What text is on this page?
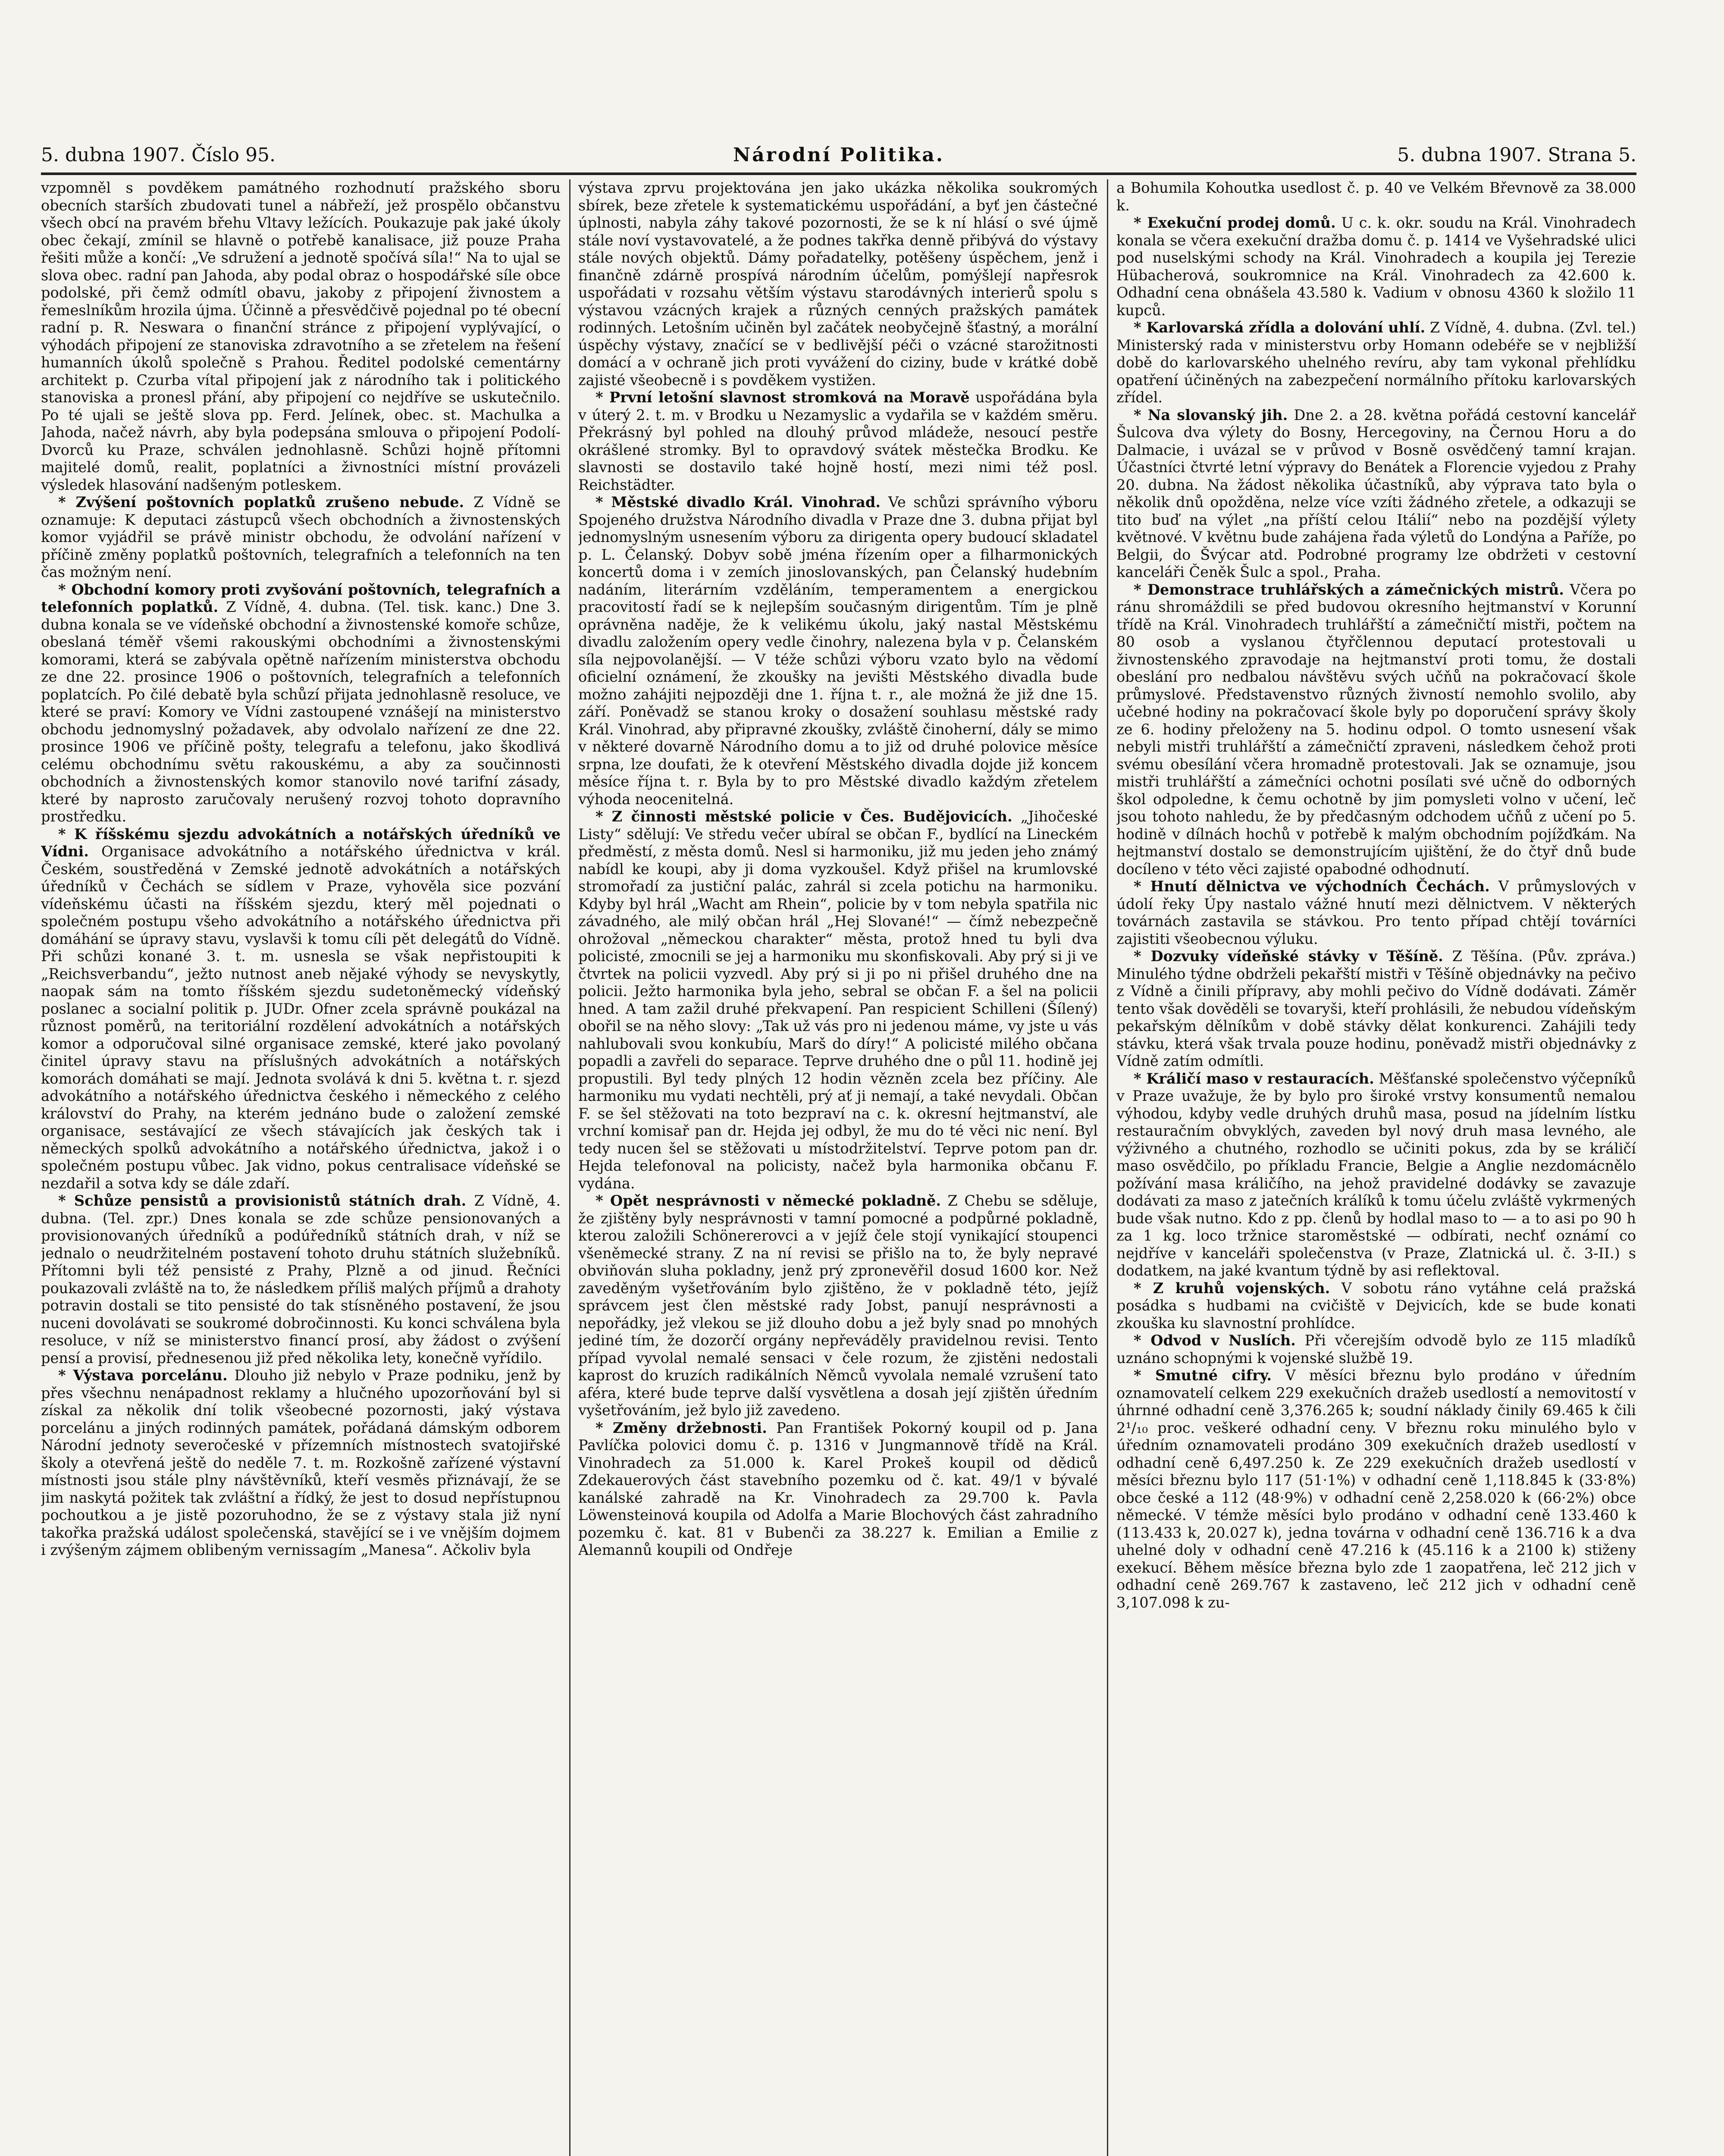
5. dubna 1907. Číslo 95.	Národní Politika.	5. dubna 1907. Strana 5.

vzpomněl s povděkem památného rozhodnutí pražského sboru obecních starších zbudovati tunel a nábřeží, jež prospělo občanstvu všech obcí na pravém břehu Vltavy ležících. Poukazuje pak jaké úkoly obec čekají, zmínil se hlavně o potřebě kanalisace, již pouze Praha řešiti může a končí: „Ve sdružení a jednotě spočívá síla!“ Na to ujal se slova obec. radní pan Jahoda, aby podal obraz o hospodářské síle obce podolské, při čemž odmítl obavu, jakoby z připojení živnostem a řemeslníkům hrozila újma. Účinně a přesvědčivě pojednal po té obecní radní p. R. Neswara o finanční stránce z připojení vyplývající, o výhodách připojení ze stanoviska zdravotního a se zřetelem na řešení humanních úkolů společně s Prahou. Ředitel podolské cementárny architekt p. Czurba vítal připojení jak z národního tak i politického stanoviska a pronesl přání, aby připojení co nejdříve se uskutečnilo. Po té ujali se ještě slova pp. Ferd. Jelínek, obec. st. Machulka a Jahoda, načež návrh, aby byla podepsána smlouva o připojení Podolí-Dvorců ku Praze, schválen jednohlasně. Schůzi hojně přítomni majitelé domů, realit, poplatníci a živnostníci místní provázeli výsledek hlasování nadšeným potleskem.

* Zvýšení poštovních poplatků zrušeno nebude. Z Vídně se oznamuje: K deputaci zástupců všech obchodních a živnostenských komor vyjádřil se právě ministr obchodu, že odvolání nařízení v příčině změny poplatků poštovních, telegrafních a telefonních na ten čas možným není.

* Obchodní komory proti zvyšování poštovních, telegrafních a telefonních poplatků. Z Vídně, 4. dubna. (Tel. tisk. kanc.) Dne 3. dubna konala se ve vídeňské obchodní a živnostenské komoře schůze, obeslaná téměř všemi rakouskými obchodními a živnostenskými komorami, která se zabývala opětně nařízením ministerstva obchodu ze dne 22. prosince 1906 o poštovních, telegrafních a telefonních poplatcích. Po čilé debatě byla schůzí přijata jednohlasně resoluce, ve které se praví: Komory ve Vídni zastoupené vznášejí na ministerstvo obchodu jednomyslný požadavek, aby odvolalo nařízení ze dne 22. prosince 1906 ve příčině pošty, telegrafu a telefonu, jako škodlivá celému obchodnímu světu rakouskému, a aby za součinnosti obchodních a živnostenských komor stanovilo nové tarifní zásady, které by naprosto zaručovaly nerušený rozvoj tohoto dopravního prostředku.

* K říšskému sjezdu advokátních a notářských úředníků ve Vídni. Organisace advokátního a notářského úřednictva v král. Českém, soustředěná v Zemské jednotě advokátních a notářských úředníků v Čechách se sídlem v Praze, vyhověla sice pozvání vídeňskému účasti na říšském sjezdu, který měl pojednati o společném postupu všeho advokátního a notářského úřednictva při domáhání se úpravy stavu, vyslavši k tomu cíli pět delegátů do Vídně. Při schůzi konané 3. t. m. usnesla se však nepřistoupiti k „Reichsverbandu“, ježto nutnost aneb nějaké výhody se nevyskytly, naopak sám na tomto říšském sjezdu sudetoněmecký vídeňský poslanec a socialní politik p. JUDr. Ofner zcela správně poukázal na různost poměrů, na teritoriální rozdělení advokátních a notářských komor a odporučoval silné organisace zemské, které jako povolaný činitel úpravy stavu na příslušných advokátních a notářských komorách domáhati se mají. Jednota svolává k dni 5. května t. r. sjezd advokátního a notářského úřednictva českého i německého z celého království do Prahy, na kterém jednáno bude o založení zemské organisace, sestávající ze všech stávajících jak českých tak i německých spolků advokátního a notářského úřednictva, jakož i o společném postupu vůbec. Jak vidno, pokus centralisace vídeňské se nezdařil a sotva kdy se dále zdaří.

* Schůze pensistů a provisionistů státních drah. Z Vídně, 4. dubna. (Tel. zpr.) Dnes konala se zde schůze pensionovaných a provisionovaných úředníků a podúředníků státních drah, v níž se jednalo o neudržitelném postavení tohoto druhu státních služebníků. Přítomni byli též pensisté z Prahy, Plzně a od jinud. Řečníci poukazovali zvláště na to, že následkem příliš malých příjmů a drahoty potravin dostali se tito pensisté do tak stísněného postavení, že jsou nuceni dovolávati se soukromé dobročinnosti. Ku konci schválena byla resoluce, v níž se ministerstvo financí prosí, aby žádost o zvýšení pensí a provisí, přednesenou již před několika lety, konečně vyřídilo.

* Výstava porcelánu. Dlouho již nebylo v Praze podniku, jenž by přes všechnu nenápadnost reklamy a hlučného upozorňování byl si získal za několik dní tolik všeobecné pozornosti, jaký výstava porcelánu a jiných rodinných památek, pořádaná dámským odborem Národní jednoty severočeské v přízemních místnostech svatojiřské školy a otevřená ještě do neděle 7. t. m. Rozkošně zařízené výstavní místnosti jsou stále plny návštěvníků, kteří vesměs přiznávají, že se jim naskytá požitek tak zvláštní a řídký, že jest to dosud nepřístupnou pochoutkou a je jistě pozoruhodno, že se z výstavy stala již nyní takořka pražská událost společenská, stavějící se i ve vnějším dojmem i zvýšeným zájmem oblibeným vernissagím „Manesa“. Ačkoliv byla

výstava zprvu projektována jen jako ukázka několika soukromých sbírek, beze zřetele k systematickému uspořádání, a byť jen částečné úplnosti, nabyla záhy takové pozornosti, že se k ní hlásí o své újmě stále noví vystavovatelé, a že podnes takřka denně přibývá do výstavy stále nových objektů. Dámy pořadatelky, potěšeny úspěchem, jenž i finančně zdárně prospívá národním účelům, pomýšlejí napřesrok uspořádati v rozsahu větším výstavu starodávných interierů spolu s výstavou vzácných krajek a různých cenných pražských památek rodinných. Letošním učiněn byl začátek neobyčejně šťastný, a morální úspěchy výstavy, značící se v bedlivější péči o vzácné starožitnosti domácí a v ochraně jich proti vyvážení do ciziny, bude v krátké době zajisté všeobecně i s povděkem vystižen.

* První letošní slavnost stromková na Moravě uspořádána byla v úterý 2. t. m. v Brodku u Nezamyslic a vydařila se v každém směru. Překrásný byl pohled na dlouhý průvod mládeže, nesoucí pestře okrášlené stromky. Byl to opravdový svátek městečka Brodku. Ke slavnosti se dostavilo také hojně hostí, mezi nimi též posl. Reichstädter.

* Městské divadlo Král. Vinohrad. Ve schůzi správního výboru Spojeného družstva Národního divadla v Praze dne 3. dubna přijat byl jednomyslným usnesením výboru za dirigenta opery budoucí skladatel p. L. Čelanský. Dobyv sobě jména řízením oper a filharmonických koncertů doma i v zemích jinoslovanských, pan Čelanský hudebním nadáním, literárním vzděláním, temperamentem a energickou pracovitostí řadí se k nejlepším současným dirigentům. Tím je plně oprávněna naděje, že k velikému úkolu, jaký nastal Městskému divadlu založením opery vedle činohry, nalezena byla v p. Čelanském síla nejpovolanější. — V téže schůzi výboru vzato bylo na vědomí oficielní oznámení, že zkoušky na jevišti Městského divadla bude možno zahájiti nejpozději dne 1. října t. r., ale možná že již dne 15. září. Poněvadž se stanou kroky o dosažení souhlasu městské rady Král. Vinohrad, aby připravné zkoušky, zvláště činoherní, dály se mimo v některé dovarně Národního domu a to již od druhé polovice měsíce srpna, lze doufati, že k otevření Městského divadla dojde již koncem měsíce října t. r. Byla by to pro Městské divadlo každým zřetelem výhoda neocenitelná.

* Z činnosti městské policie v Čes. Budějovicích. „Jihočeské Listy“ sdělují: Ve středu večer ubíral se občan F., bydlící na Lineckém předměstí, z města domů. Nesl si harmoniku, již mu jeden jeho známý nabídl ke koupi, aby ji doma vyzkoušel. Když přišel na krumlovské stromořadí za justiční palác, zahrál si zcela potichu na harmoniku. Kdyby byl hrál „Wacht am Rhein“, policie by v tom nebyla spatřila nic závadného, ale milý občan hrál „Hej Slované!“ — čímž nebezpečně ohrožoval „německou charakter“ města, protož hned tu byli dva policisté, zmocnili se jej a harmoniku mu skonfiskovali. Aby prý si ji ve čtvrtek na policii vyzvedl. Aby prý si ji po ni přišel druhého dne na policii. Ježto harmonika byla jeho, sebral se občan F. a šel na policii hned. A tam zažil druhé překvapení. Pan respicient Schilleni (Šílený) obořil se na něho slovy: „Tak už vás pro ni jedenou máme, vy jste u vás nahlubovali svou konkubíu, Marš do díry!“ A policisté milého občana popadli a zavřeli do separace. Teprve druhého dne o půl 11. hodině jej propustili. Byl tedy plných 12 hodin vězněn zcela bez příčiny. Ale harmoniku mu vydati nechtěli, prý ať ji nemají, a také nevydali. Občan F. se šel stěžovati na toto bezpraví na c. k. okresní hejtmanství, ale vrchní komisař pan dr. Hejda jej odbyl, že mu do té věci nic není. Byl tedy nucen šel se stěžovati u místodržitelství. Teprve potom pan dr. Hejda telefonoval na policisty, načež byla harmonika občanu F. vydána.

* Opět nesprávnosti v německé pokladně. Z Chebu se sděluje, že zjištěny byly nesprávnosti v tamní pomocné a podpůrné pokladně, kterou založili Schönererovci a v jejíž čele stojí vynikající stoupenci všeněmecké strany. Z na ní revisi se přišlo na to, že byly nepravé obviňován sluha pokladny, jenž prý zpronevěřil dosud 1600 kor. Než zaveděným vyšetřováním bylo zjištěno, že v pokladně této, jejíž správcem jest člen městské rady Jobst, panují nesprávnosti a nepořádky, jež vlekou se již dlouho dobu a jež byly snad po mnohých jediné tím, že dozorčí orgány nepřeváděly pravidelnou revisi. Tento případ vyvolal nemalé sensaci v čele rozum, že zjistěni nedostali kaprost do kruzích radikálních Němců vyvolala nemalé vzrušení tato aféra, které bude teprve další vysvětlena a dosah její zjištěn úředním vyšetřováním, jež bylo již zavedeno.

* Změny držebnosti. Pan František Pokorný koupil od p. Jana Pavlíčka polovici domu č. p. 1316 v Jungmannově třídě na Král. Vinohradech za 51.000 k. Karel Prokeš koupil od dědiců Zdekauerových část stavebního pozemku od č. kat. 49/1 v bývalé kanálské zahradě na Kr. Vinohradech za 29.700 k. Pavla Löwensteinová koupila od Adolfa a Marie Blochových část zahradního pozemku č. kat. 81 v Bubenči za 38.227 k. Emilian a Emilie z Alemannů koupili od Ondřeje

a Bohumila Kohoutka usedlost č. p. 40 ve Velkém Břevnově za 38.000 k.

* Exekuční prodej domů. U c. k. okr. soudu na Král. Vinohradech konala se včera exekuční dražba domu č. p. 1414 ve Vyšehradské ulici pod nuselskými schody na Král. Vinohradech a koupila jej Terezie Hübacherová, soukromnice na Král. Vinohradech za 42.600 k. Odhadní cena obnášela 43.580 k. Vadium v obnosu 4360 k složilo 11 kupců.

* Karlovarská zřídla a dolování uhlí. Z Vídně, 4. dubna. (Zvl. tel.) Ministerský rada v ministerstvu orby Homann odebéře se v nejbližší době do karlovarského uhelného revíru, aby tam vykonal přehlídku opatření účiněných na zabezpečení normálního přítoku karlovarských zřídel.

* Na slovanský jih. Dne 2. a 28. května pořádá cestovní kancelář Šulcova dva výlety do Bosny, Hercegoviny, na Černou Horu a do Dalmacie, i uvázal se v průvod v Bosně osvědčený tamní krajan. Účastníci čtvrté letní výpravy do Benátek a Florencie vyjedou z Prahy 20. dubna. Na žádost několika účastníků, aby výprava tato byla o několik dnů opožděna, nelze více vzíti žádného zřetele, a odkazuji se tito buď na výlet „na příští celou Itálií“ nebo na pozdější výlety květnové. V květnu bude zahájena řada výletů do Londýna a Paříže, po Belgii, do Švýcar atd. Podrobné programy lze obdržeti v cestovní kanceláři Čeněk Šulc a spol., Praha.

* Demonstrace truhlářských a zámečnických mistrů. Včera po ránu shromáždili se před budovou okresního hejtmanství v Korunní třídě na Král. Vinohradech truhlářští a zámečničtí mistři, počtem na 80 osob a vyslanou čtyřčlennou deputací protestovali u živnostenského zpravodaje na hejtmanství proti tomu, že dostali obeslání pro nedbalou návštěvu svých učňů na pokračovací škole průmyslové. Představenstvo různých živností nemohlo svolilo, aby učebné hodiny na pokračovací škole byly po doporučení správy školy ze 6. hodiny přeloženy na 5. hodinu odpol. O tomto usnesení však nebyli mistři truhlářští a zámečničtí zpraveni, následkem čehož proti svému obesílání včera hromadně protestovali. Jak se oznamuje, jsou mistři truhlářští a zámečníci ochotni posílati své učně do odborných škol odpoledne, k čemu ochotně by jim pomysleti volno v učení, leč jsou tohoto nahledu, že by předčasným odchodem učňů z učení po 5. hodině v dílnách hochů v potřebě k malým obchodním pojížďkám. Na hejtmanství dostalo se demonstrujícím ujištění, že do čtyř dnů bude docíleno v této věci zajisté opabodné odhodnutí.

* Hnutí dělnictva ve východních Čechách. V průmyslových v údolí řeky Úpy nastalo vážné hnutí mezi dělnictvem. V některých továrnách zastavila se stávkou. Pro tento případ chtějí továrníci zajistiti všeobecnou výluku.

* Dozvuky vídeňské stávky v Těšíně. Z Těšína. (Pův. zpráva.) Minulého týdne obdrželi pekařští mistři v Těšíně objednávky na pečivo z Vídně a činili přípravy, aby mohli pečivo do Vídně dodávati. Záměr tento však dověděli se tovaryši, kteří prohlásili, že nebudou vídeňským pekařským dělníkům v době stávky dělat konkurenci. Zahájili tedy stávku, která však trvala pouze hodinu, poněvadž mistři objednávky z Vídně zatím odmítli.

* Králičí maso v restauracích. Měšťanské společenstvo výčepníků v Praze uvažuje, že by bylo pro široké vrstvy konsumentů nemalou výhodou, kdyby vedle druhých druhů masa, posud na jídelním lístku restauračním obvyklých, zaveden byl nový druh masa levného, ale výživného a chutného, rozhodlo se učiniti pokus, zda by se králičí maso osvědčilo, po příkladu Francie, Belgie a Anglie nezdomácnělo požívání masa králičího, na jehož pravidelné dodávky se zavazuje dodávati za maso z jatečních králíků k tomu účelu zvláště vykrmených bude však nutno. Kdo z pp. členů by hodlal maso to — a to asi po 90 h za 1 kg. loco tržnice staroměstské — odbírati, nechť oznámí co nejdříve v kanceláři společenstva (v Praze, Zlatnická ul. č. 3-II.) s dodatkem, na jaké kvantum týdně by asi reflektoval.

* Z kruhů vojenských. V sobotu ráno vytáhne celá pražská posádka s hudbami na cvičiště v Dejvicích, kde se bude konati zkouška ku slavnostní prohlídce.

* Odvod v Nuslích. Při včerejším odvodě bylo ze 115 mladíků uznáno schopnými k vojenské službě 19.

* Smutné cifry. V měsíci březnu bylo prodáno v úředním oznamovatelí celkem 229 exekučních dražeb usedlostí a nemovitostí v úhrnné odhadní ceně 3,376.265 k; soudní náklady činily 69.465 k čili 2¹/₁₀ proc. veškeré odhadní ceny. V březnu roku minulého bylo v úředním oznamovateli prodáno 309 exekučních dražeb usedlostí v odhadní ceně 6,497.250 k. Ze 229 exekučních dražeb usedlostí v měsíci březnu bylo 117 (51·1%) v odhadní ceně 1,118.845 k (33·8%) obce české a 112 (48·9%) v odhadní ceně 2,258.020 k (66·2%) obce německé. V témže měsíci bylo prodáno v odhadní ceně 133.460 k (113.433 k, 20.027 k), jedna továrna v odhadní ceně 136.716 k a dva uhelné doly v odhadní ceně 47.216 k (45.116 k a 2100 k) stiženy exekucí. Během měsíce března bylo zde 1 zaopatřena, leč 212 jich v odhadní ceně 269.767 k zastaveno, leč 212 jich v odhadní ceně 3,107.098 k zu-
